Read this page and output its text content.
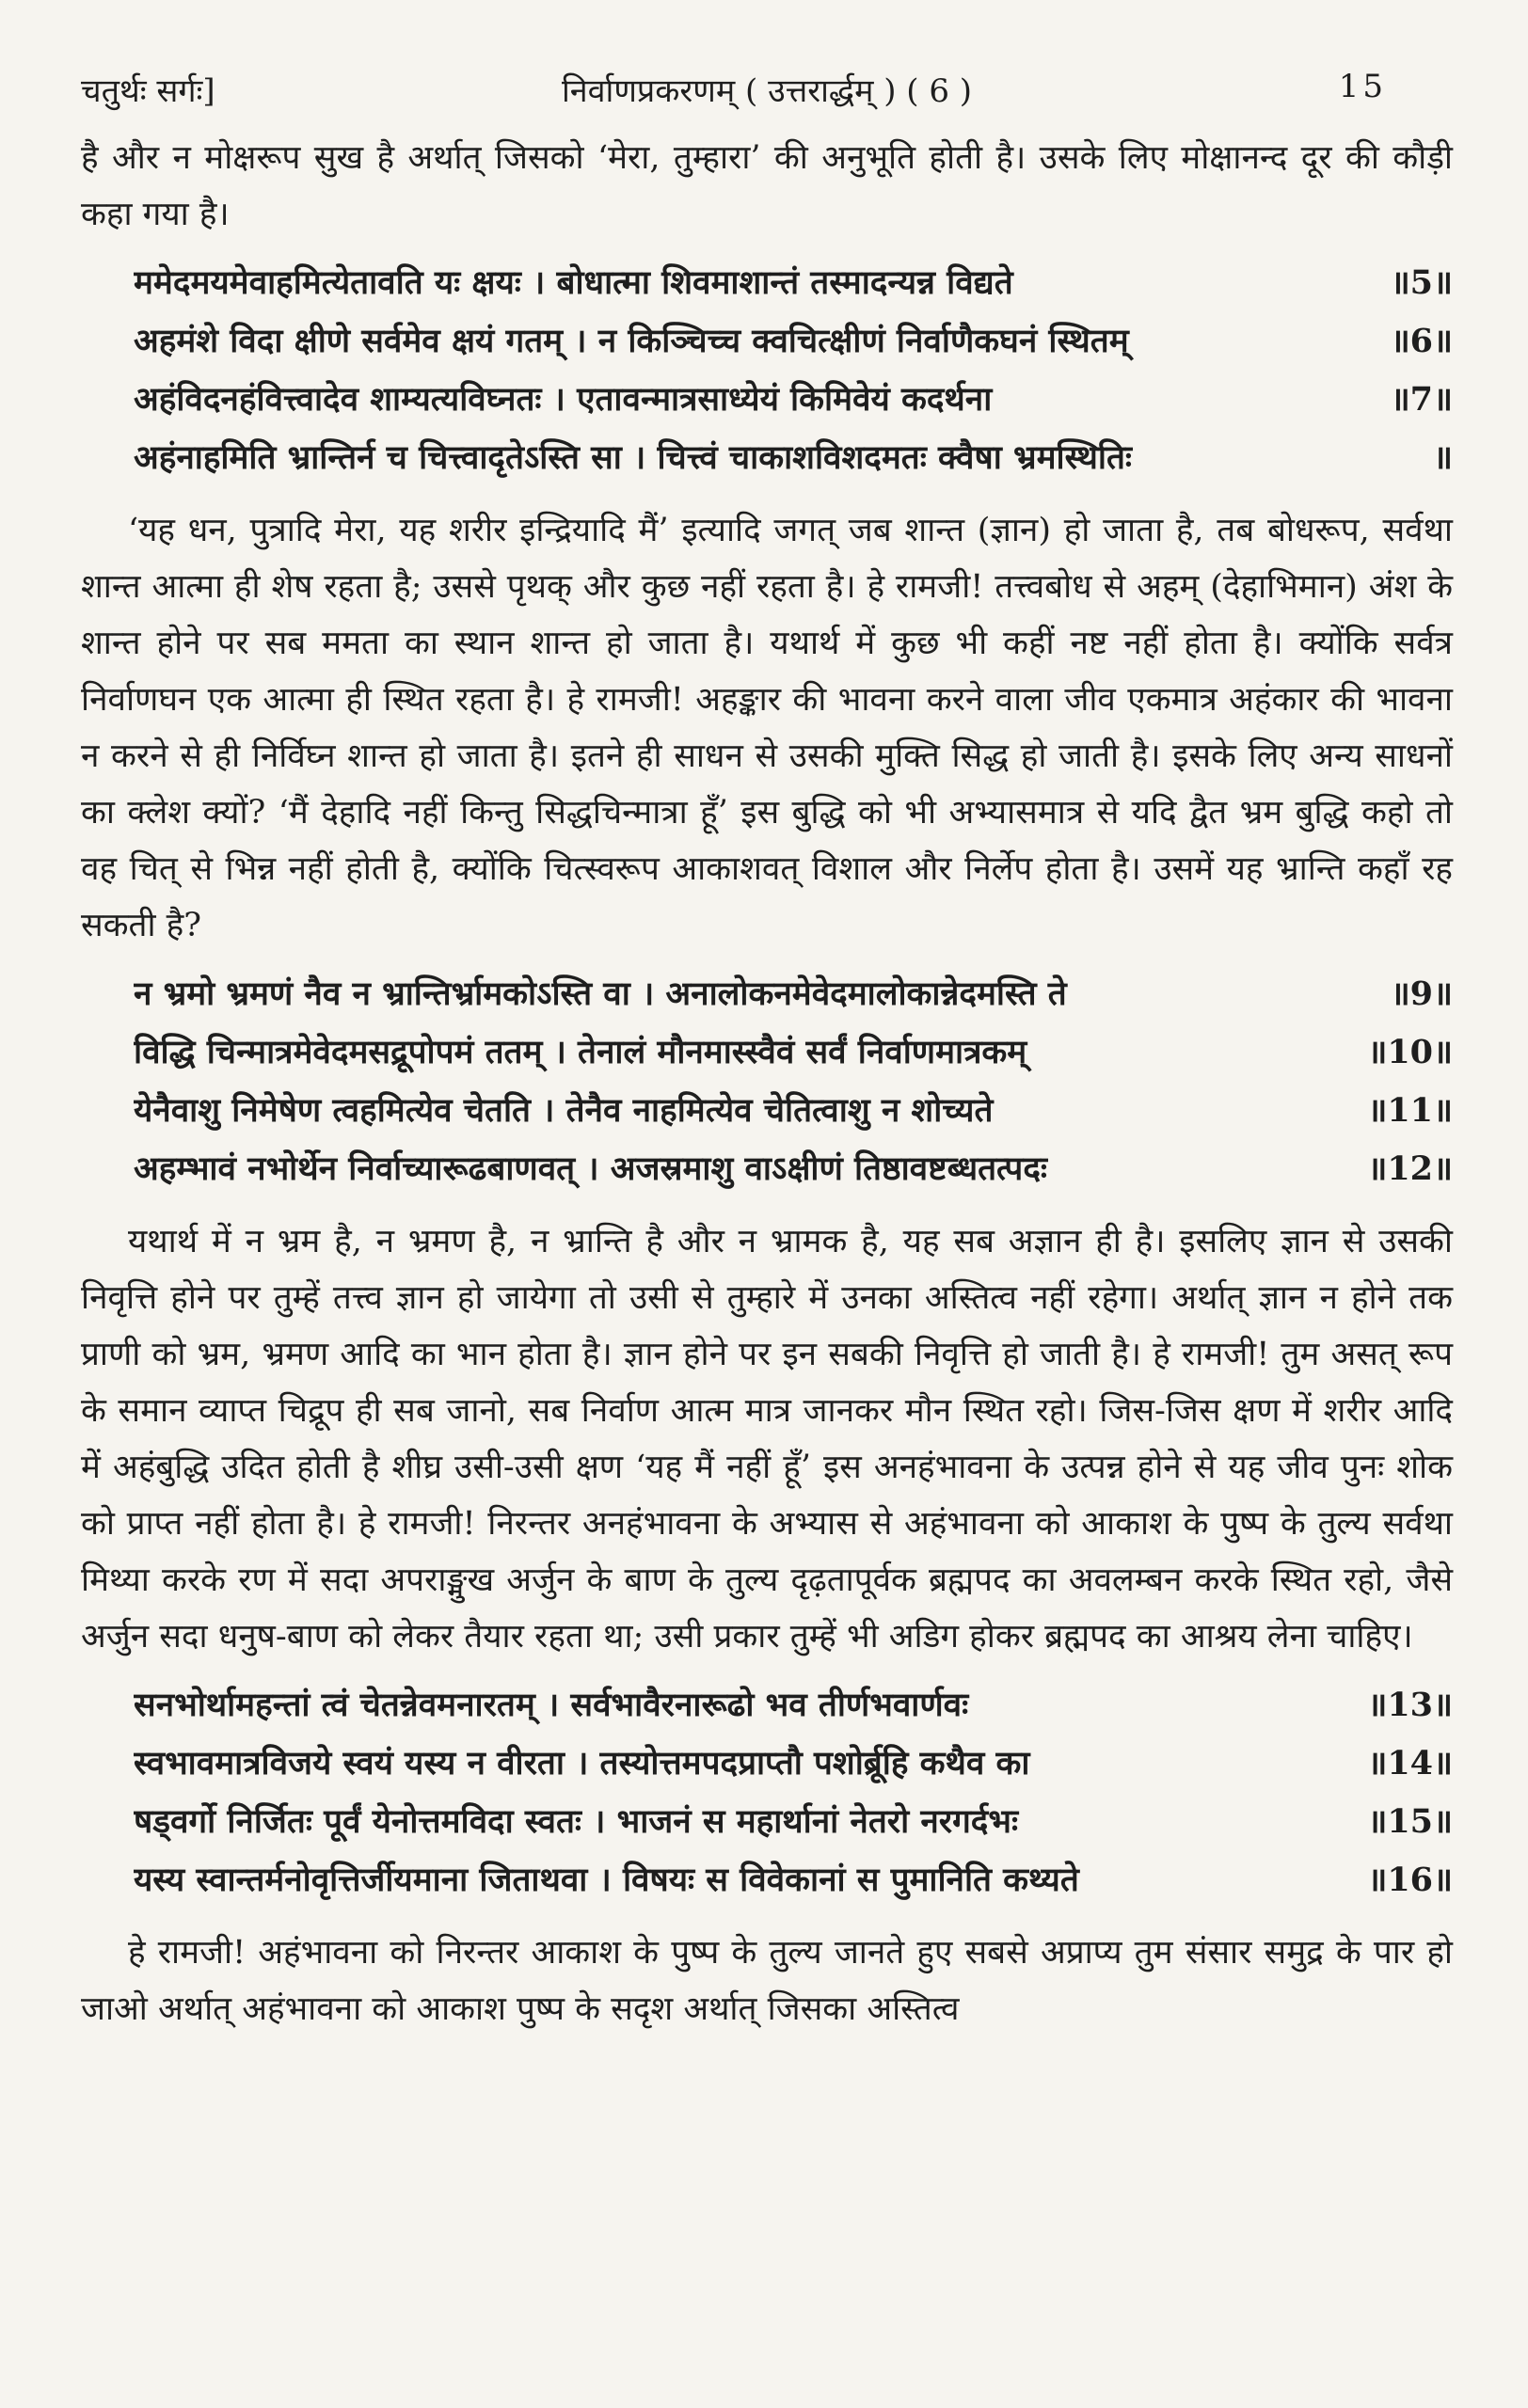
चतुर्थः सर्गः]	निर्वाणप्रकरणम् ( उत्तरार्द्धम् ) ( 6 )	15

है और न मोक्षरूप सुख है अर्थात् जिसको ‘मेरा, तुम्हारा’ की अनुभूति होती है। उसके लिए मोक्षानन्द दूर की कौड़ी कहा गया है।

ममेदमयमेवाहमित्येतावति यः क्षयः । बोधात्मा शिवमाशान्तं तस्मादन्यन्न विद्यते	॥5॥
अहमंशे विदा क्षीणे सर्वमेव क्षयं गतम् । न किञ्चिच्च क्वचित्क्षीणं निर्वाणैकघनं स्थितम्	॥6॥
अहंविदनहंवित्त्वादेव शाम्यत्यविघ्नतः । एतावन्मात्रसाध्येयं किमिवेयं कदर्थना	॥7॥
अहंनाहमिति भ्रान्तिर्न च चित्त्वादृतेऽस्ति सा । चित्त्वं चाकाशविशदमतः क्वैषा भ्रमस्थितिः	॥

‘यह धन, पुत्रादि मेरा, यह शरीर इन्द्रियादि मैं’ इत्यादि जगत् जब शान्त (ज्ञान) हो जाता है, तब बोधरूप, सर्वथा शान्त आत्मा ही शेष रहता है; उससे पृथक् और कुछ नहीं रहता है। हे रामजी! तत्त्वबोध से अहम् (देहाभिमान) अंश के शान्त होने पर सब ममता का स्थान शान्त हो जाता है। यथार्थ में कुछ भी कहीं नष्ट नहीं होता है। क्योंकि सर्वत्र निर्वाणघन एक आत्मा ही स्थित रहता है। हे रामजी! अहङ्कार की भावना करने वाला जीव एकमात्र अहंकार की भावना न करने से ही निर्विघ्न शान्त हो जाता है। इतने ही साधन से उसकी मुक्ति सिद्ध हो जाती है। इसके लिए अन्य साधनों का क्लेश क्यों? ‘मैं देहादि नहीं किन्तु सिद्धचिन्मात्रा हूँ’ इस बुद्धि को भी अभ्यासमात्र से यदि द्वैत भ्रम बुद्धि कहो तो वह चित् से भिन्न नहीं होती है, क्योंकि चित्स्वरूप आकाशवत् विशाल और निर्लेप होता है। उसमें यह भ्रान्ति कहाँ रह सकती है?

न भ्रमो भ्रमणं नैव न भ्रान्तिर्भ्रामकोऽस्ति वा । अनालोकनमेवेदमालोकान्नेदमस्ति ते	॥9॥
विद्धि चिन्मात्रमेवेदमसद्रूपोपमं ततम् । तेनालं मौनमास्स्वैवं सर्वं निर्वाणमात्रकम्	॥10॥
येनैवाशु निमेषेण त्वहमित्येव चेतति । तेनैव नाहमित्येव चेतित्वाशु न शोच्यते	॥11॥
अहम्भावं नभोर्थेन निर्वाच्यारूढबाणवत् । अजस्रमाशु वाऽक्षीणं तिष्ठावष्टब्धतत्पदः	॥12॥

यथार्थ में न भ्रम है, न भ्रमण है, न भ्रान्ति है और न भ्रामक है, यह सब अज्ञान ही है। इसलिए ज्ञान से उसकी निवृत्ति होने पर तुम्हें तत्त्व ज्ञान हो जायेगा तो उसी से तुम्हारे में उनका अस्तित्व नहीं रहेगा। अर्थात् ज्ञान न होने तक प्राणी को भ्रम, भ्रमण आदि का भान होता है। ज्ञान होने पर इन सबकी निवृत्ति हो जाती है। हे रामजी! तुम असत् रूप के समान व्याप्त चिद्रूप ही सब जानो, सब निर्वाण आत्म मात्र जानकर मौन स्थित रहो। जिस-जिस क्षण में शरीर आदि में अहंबुद्धि उदित होती है शीघ्र उसी-उसी क्षण ‘यह मैं नहीं हूँ’ इस अनहंभावना के उत्पन्न होने से यह जीव पुनः शोक को प्राप्त नहीं होता है। हे रामजी! निरन्तर अनहंभावना के अभ्यास से अहंभावना को आकाश के पुष्प के तुल्य सर्वथा मिथ्या करके रण में सदा अपराङ्मुख अर्जुन के बाण के तुल्य दृढ़तापूर्वक ब्रह्मपद का अवलम्बन करके स्थित रहो, जैसे अर्जुन सदा धनुष-बाण को लेकर तैयार रहता था; उसी प्रकार तुम्हें भी अडिग होकर ब्रह्मपद का आश्रय लेना चाहिए।

सनभोर्थामहन्तां त्वं चेतन्नेवमनारतम् । सर्वभावैरनारूढो भव तीर्णभवार्णवः	॥13॥
स्वभावमात्रविजये स्वयं यस्य न वीरता । तस्योत्तमपदप्राप्तौ पशोर्ब्रूहि कथैव का	॥14॥
षड्वर्गो निर्जितः पूर्वं येनोत्तमविदा स्वतः । भाजनं स महार्थानां नेतरो नरगर्दभः	॥15॥
यस्य स्वान्तर्मनोवृत्तिर्जीयमाना जिताथवा । विषयः स विवेकानां स पुमानिति कथ्यते	॥16॥

हे रामजी! अहंभावना को निरन्तर आकाश के पुष्प के तुल्य जानते हुए सबसे अप्राप्य तुम संसार समुद्र के पार हो जाओ अर्थात् अहंभावना को आकाश पुष्प के सदृश अर्थात् जिसका अस्तित्व
